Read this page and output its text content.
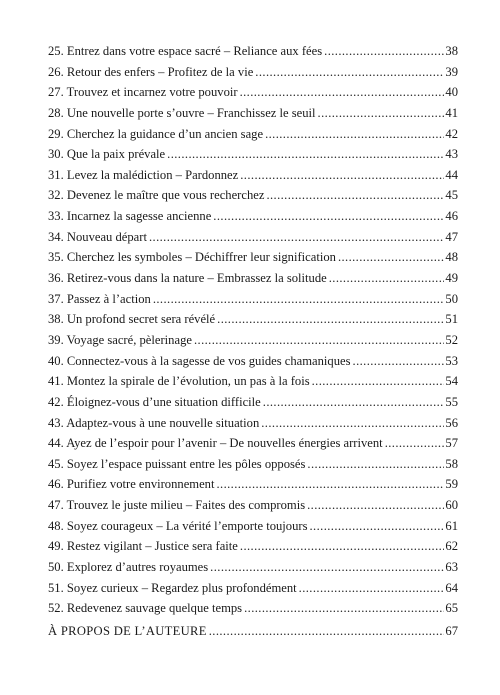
25. Entrez dans votre espace sacré – Reliance aux fées .....	38
26. Retour des enfers – Profitez de la vie .....	39
27. Trouvez et incarnez votre pouvoir .....	40
28. Une nouvelle porte s’ouvre – Franchissez le seuil .....	41
29. Cherchez la guidance d’un ancien sage .....	42
30. Que la paix prévale .....	43
31. Levez la malédiction – Pardonnez .....	44
32. Devenez le maître que vous recherchez .....	45
33. Incarnez la sagesse ancienne .....	46
34. Nouveau départ .....	47
35. Cherchez les symboles – Déchiffrer leur signification .....	48
36. Retirez-vous dans la nature – Embrassez la solitude .....	49
37. Passez à l’action .....	50
38. Un profond secret sera révélé .....	51
39. Voyage sacré, pèlerinage .....	52
40. Connectez-vous à la sagesse de vos guides chamaniques .....	53
41. Montez la spirale de l’évolution, un pas à la fois .....	54
42. Éloignez-vous d’une situation difficile .....	55
43. Adaptez-vous à une nouvelle situation .....	56
44. Ayez de l’espoir pour l’avenir – De nouvelles énergies arrivent .....	57
45. Soyez l’espace puissant entre les pôles opposés .....	58
46. Purifiez votre environnement .....	59
47. Trouvez le juste milieu – Faites des compromis .....	60
48. Soyez courageux – La vérité l’emporte toujours .....	61
49. Restez vigilant – Justice sera faite .....	62
50. Explorez d’autres royaumes .....	63
51. Soyez curieux – Regardez plus profondément .....	64
52. Redevenez sauvage quelque temps .....	65
À PROPOS DE L’AUTEURE .....	67
